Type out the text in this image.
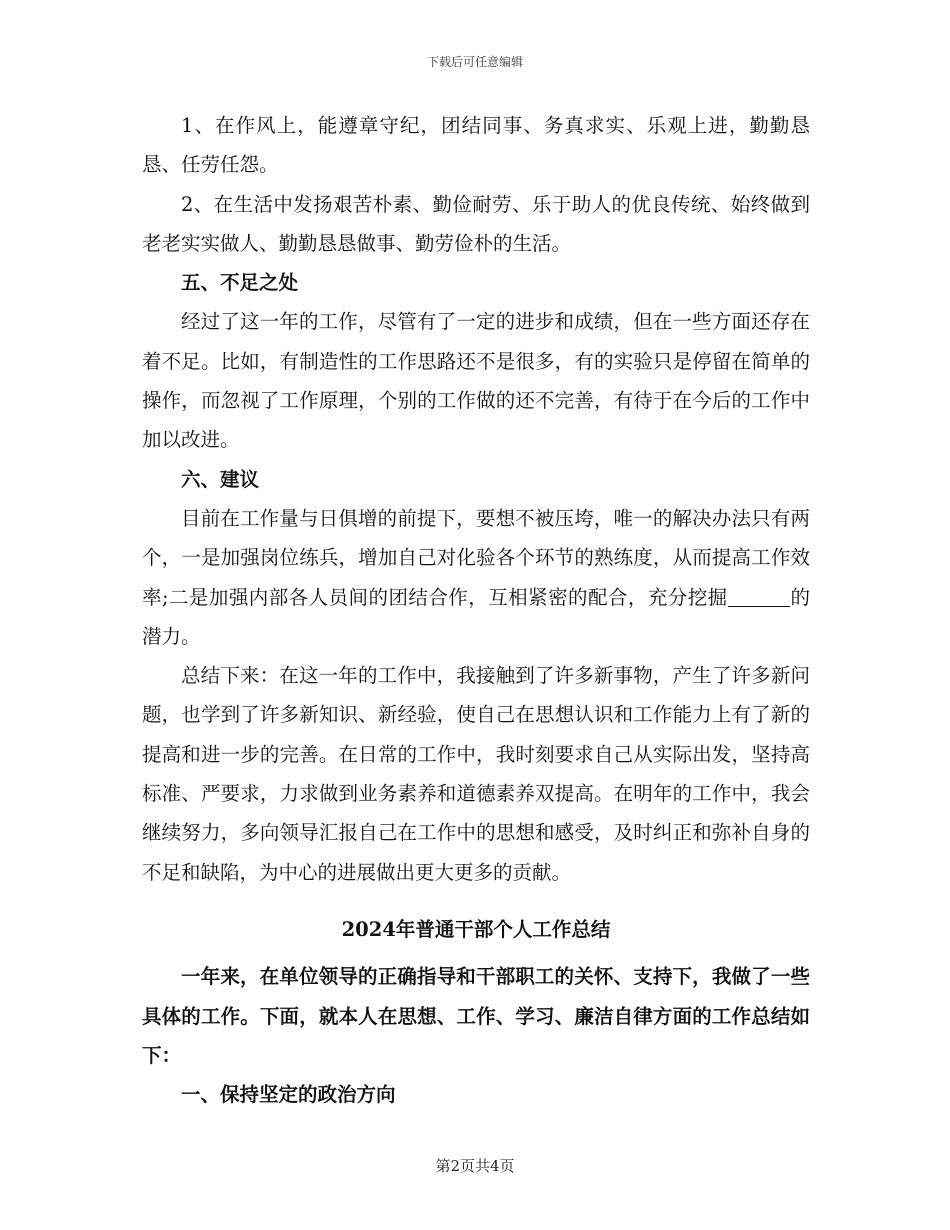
下载后可任意编辑

1、在作风上，能遵章守纪，团结同事、务真求实、乐观上进，勤勤恳恳、任劳任怨。

2、在生活中发扬艰苦朴素、勤俭耐劳、乐于助人的优良传统、始终做到老老实实做人、勤勤恳恳做事、勤劳俭朴的生活。

五、不足之处

经过了这一年的工作，尽管有了一定的进步和成绩，但在一些方面还存在着不足。比如，有制造性的工作思路还不是很多，有的实验只是停留在简单的操作，而忽视了工作原理，个别的工作做的还不完善，有待于在今后的工作中加以改进。

六、建议

目前在工作量与日俱增的前提下，要想不被压垮，唯一的解决办法只有两个，一是加强岗位练兵，增加自己对化验各个环节的熟练度，从而提高工作效率;二是加强内部各人员间的团结合作，互相紧密的配合，充分挖掘	的潜力。

总结下来：在这一年的工作中，我接触到了许多新事物，产生了许多新问题，也学到了许多新知识、新经验，使自己在思想认识和工作能力上有了新的提高和进一步的完善。在日常的工作中，我时刻要求自己从实际出发，坚持高标准、严要求，力求做到业务素养和道德素养双提高。在明年的工作中，我会继续努力，多向领导汇报自己在工作中的思想和感受，及时纠正和弥补自身的不足和缺陷，为中心的进展做出更大更多的贡献。

2024年普通干部个人工作总结

一年来，在单位领导的正确指导和干部职工的关怀、支持下，我做了一些具体的工作。下面，就本人在思想、工作、学习、廉洁自律方面的工作总结如下：

一、保持坚定的政治方向

第2页共4页
